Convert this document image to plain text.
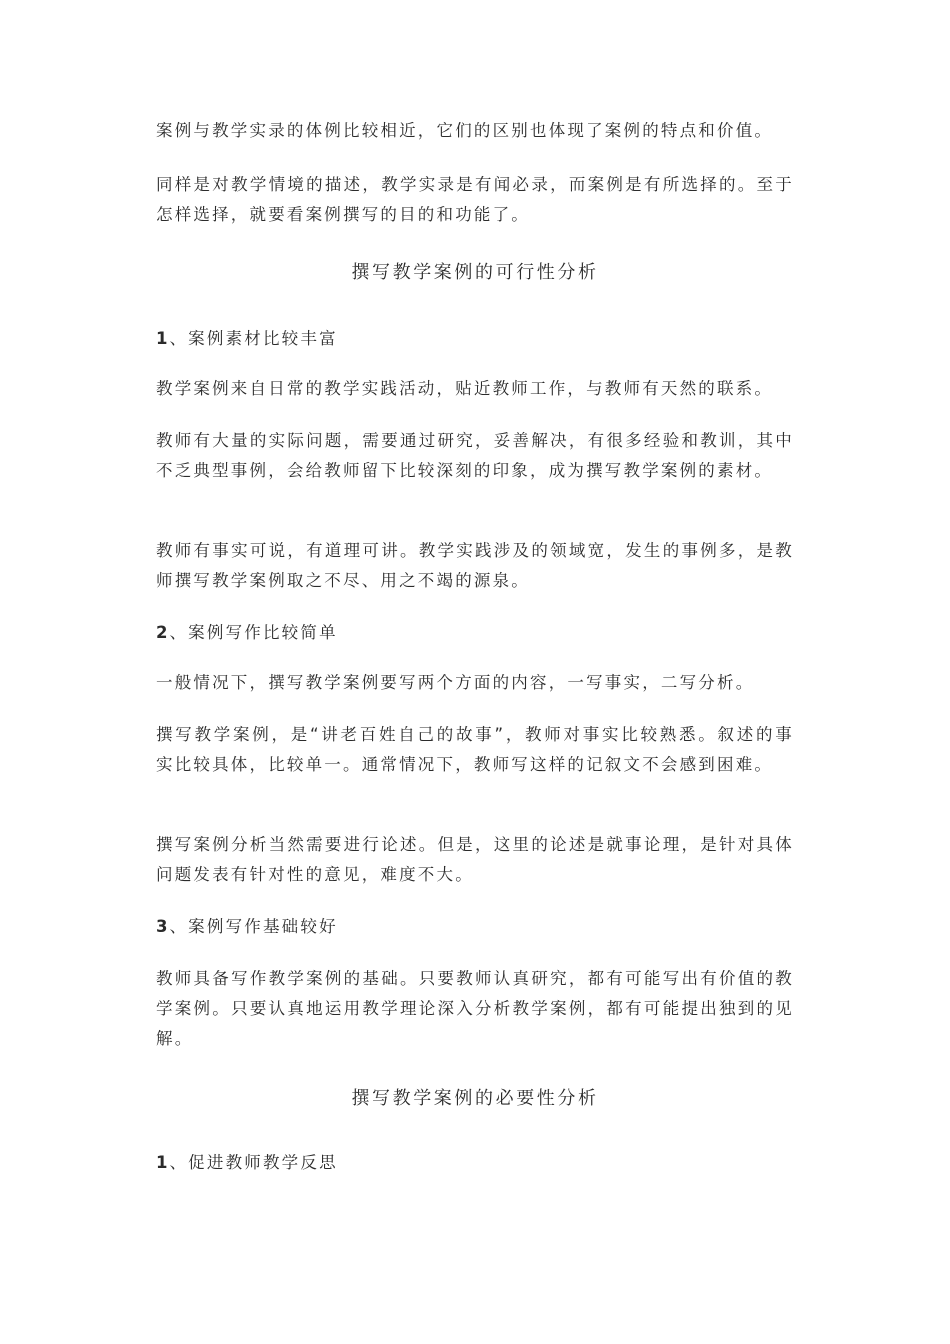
案例与教学实录的体例比较相近，它们的区别也体现了案例的特点和价值。

同样是对教学情境的描述，教学实录是有闻必录，而案例是有所选择的。至于怎样选择，就要看案例撰写的目的和功能了。

撰写教学案例的可行性分析

1 、案例素材比较丰富

教学案例来自日常的教学实践活动，贴近教师工作，与教师有天然的联系。

教师有大量的实际问题，需要通过研究，妥善解决，有很多经验和教训，其中不乏典型事例，会给教师留下比较深刻的印象，成为撰写教学案例的素材。

教师有事实可说，有道理可讲。教学实践涉及的领域宽，发生的事例多，是教师撰写教学案例取之不尽、用之不竭的源泉。

2 、案例写作比较简单

一般情况下，撰写教学案例要写两个方面的内容，一写事实，二写分析。

撰写教学案例，是“讲老百姓自己的故事”，教师对事实比较熟悉。叙述的事实比较具体，比较单一。通常情况下，教师写这样的记叙文不会感到困难。

撰写案例分析当然需要进行论述。但是，这里的论述是就事论理，是针对具体问题发表有针对性的意见，难度不大。

3 、案例写作基础较好

教师具备写作教学案例的基础。只要教师认真研究，都有可能写出有价值的教学案例。只要认真地运用教学理论深入分析教学案例，都有可能提出独到的见解。

撰写教学案例的必要性分析

1 、促进教师教学反思
